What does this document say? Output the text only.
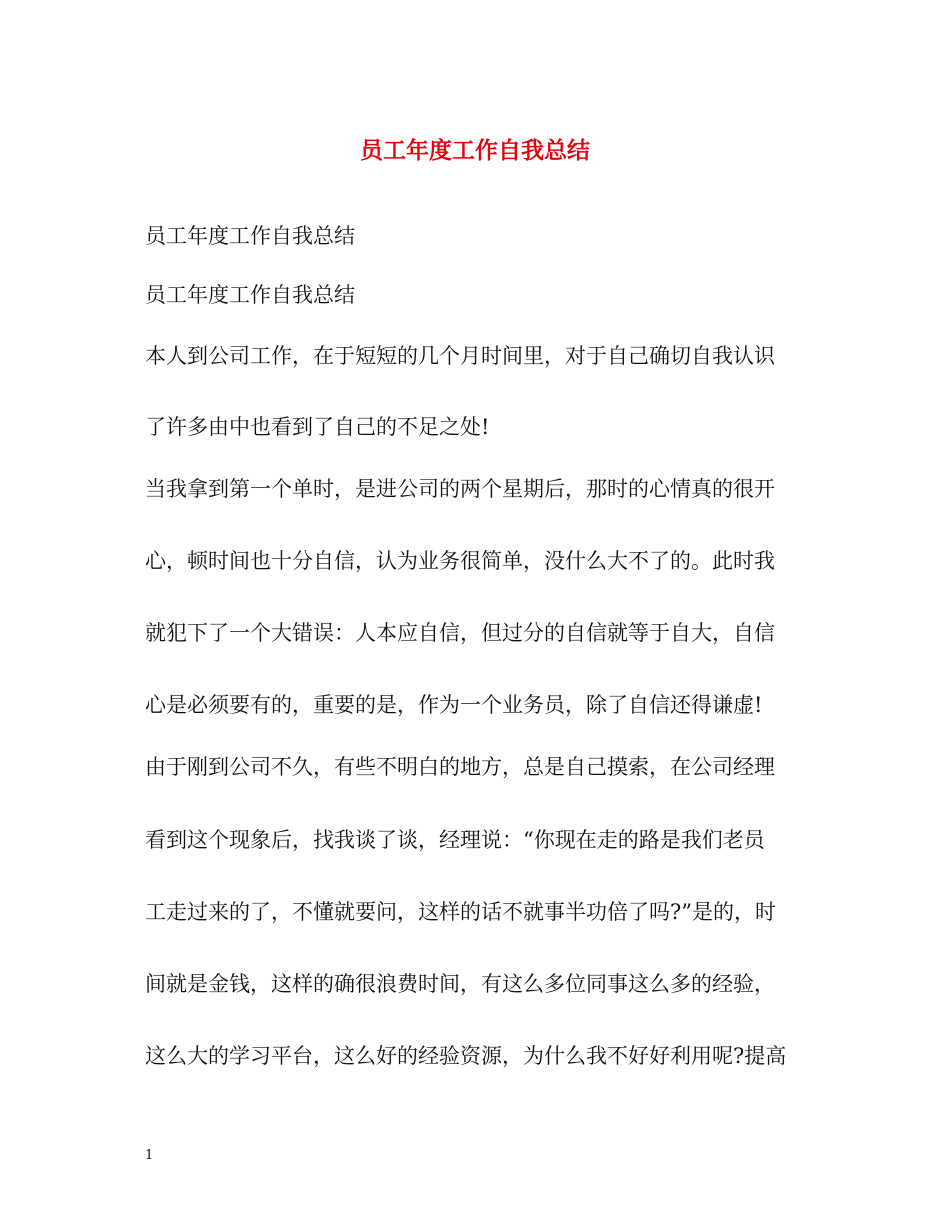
员工年度工作自我总结

员工年度工作自我总结

员工年度工作自我总结

本人到公司工作，在于短短的几个月时间里，对于自己确切自我认识

了许多由中也看到了自己的不足之处!

当我拿到第一个单时，是进公司的两个星期后，那时的心情真的很开

心，顿时间也十分自信，认为业务很简单，没什么大不了的。此时我

就犯下了一个大错误：人本应自信，但过分的自信就等于自大，自信

心是必须要有的，重要的是，作为一个业务员，除了自信还得谦虚!

由于刚到公司不久，有些不明白的地方，总是自己摸索，在公司经理

看到这个现象后，找我谈了谈，经理说：“你现在走的路是我们老员

工走过来的了，不懂就要问，这样的话不就事半功倍了吗?”是的，时

间就是金钱，这样的确很浪费时间，有这么多位同事这么多的经验，

这么大的学习平台，这么好的经验资源，为什么我不好好利用呢?提高

1
